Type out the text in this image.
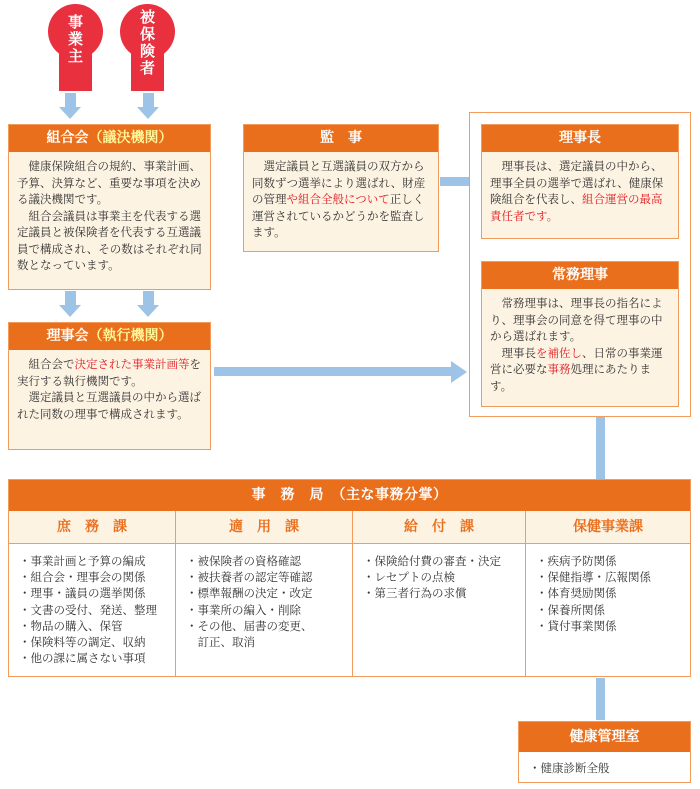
事
業
主
被
保
険
者
組合会（議決機関）

健康保険組合の規約、事業計画、予算、決算など、重要な事項を決める議決機関です。

組合会議員は事業主を代表する選定議員と被保険者を代表する互選議員で構成され、その数はそれぞれ同数となっています。

理事会（執行機関）

組合会で決定された事業計画等を実行する執行機関です。

選定議員と互選議員の中から選ばれた同数の理事で構成されます。

監　事

選定議員と互選議員の双方から同数ずつ選挙により選ばれ、財産の管理や組合全般について正しく運営されているかどうかを監査します。

理事長

理事長は、選定議員の中から、理事全員の選挙で選ばれ、健康保険組合を代表し、組合運営の最高責任者です。

常務理事

常務理事は、理事長の指名により、理事会の同意を得て理事の中から選ばれます。

理事長を補佐し、日常の事業運営に必要な事務処理にあたります。

事　務　局　（主な事務分掌）
庶　務　課
・事業計画と予算の編成
・組合会・理事会の関係
・理事・議員の選挙関係
・文書の受付、発送、整理
・物品の購入、保管
・保険料等の調定、収納
・他の課に属さない事項
適　用　課
・被保険者の資格確認
・被扶養者の認定等確認
・標準報酬の決定・改定
・事業所の編入・削除
・その他、届書の変更、
　訂正、取消
給　付　課
・保険給付費の審査・決定
・レセプトの点検
・第三者行為の求償
保健事業課
・疾病予防関係
・保健指導・広報関係
・体育奨励関係
・保養所関係
・貸付事業関係
健康管理室
・健康診断全般
